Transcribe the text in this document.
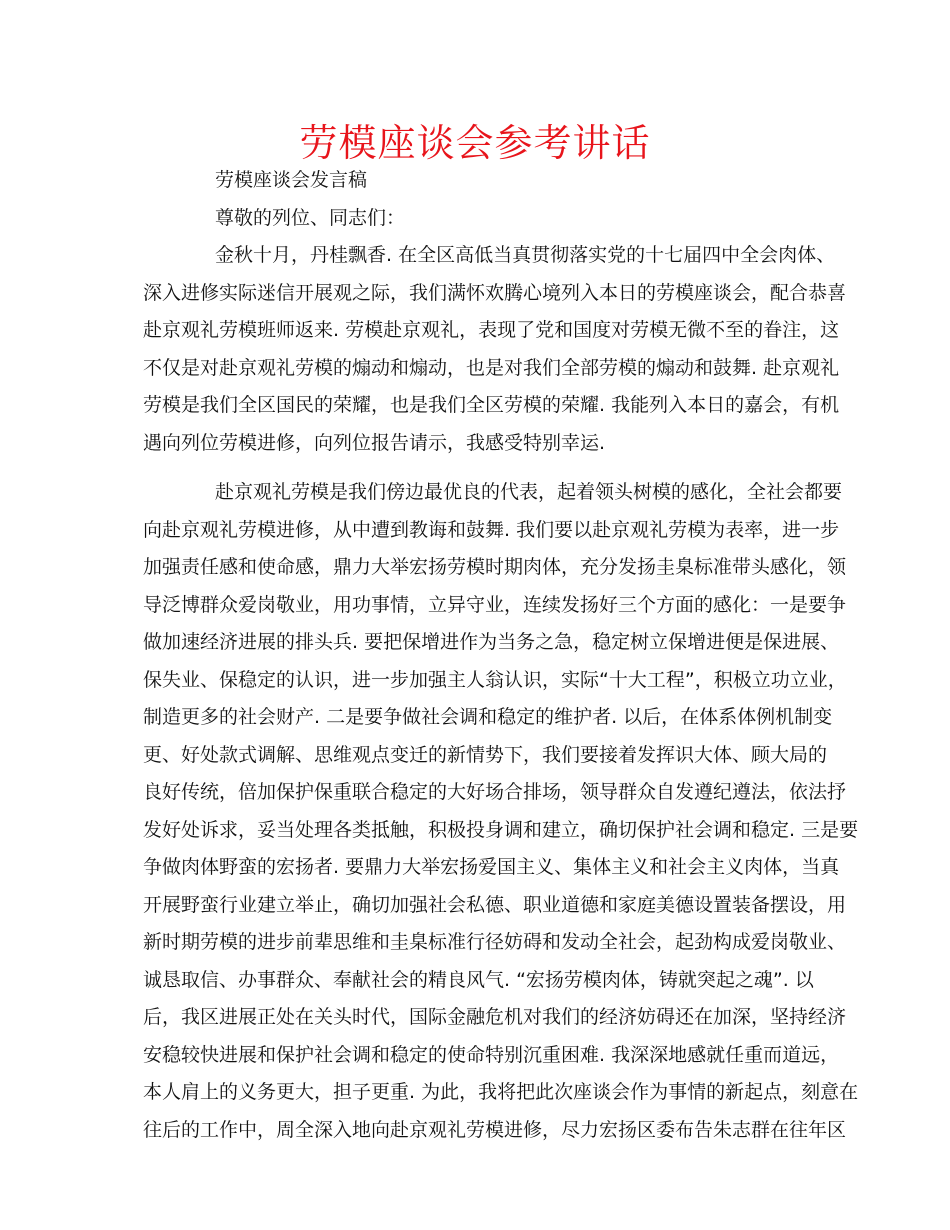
劳模座谈会参考讲话
劳模座谈会发言稿
尊敬的列位、同志们：
金秋十月，丹桂飘香. 在全区高低当真贯彻落实党的十七届四中全会肉体、
深入进修实际迷信开展观之际，我们满怀欢腾心境列入本日的劳模座谈会，配合恭喜
赴京观礼劳模班师返来. 劳模赴京观礼，表现了党和国度对劳模无微不至的眷注，这
不仅是对赴京观礼劳模的煽动和煽动，也是对我们全部劳模的煽动和鼓舞. 赴京观礼
劳模是我们全区国民的荣耀，也是我们全区劳模的荣耀. 我能列入本日的嘉会，有机
遇向列位劳模进修，向列位报告请示，我感受特别幸运.
赴京观礼劳模是我们傍边最优良的代表，起着领头树模的感化，全社会都要
向赴京观礼劳模进修，从中遭到教诲和鼓舞. 我们要以赴京观礼劳模为表率，进一步
加强责任感和使命感，鼎力大举宏扬劳模时期肉体，充分发扬圭臬标准带头感化，领
导泛博群众爱岗敬业，用功事情，立异守业，连续发扬好三个方面的感化：一是要争
做加速经济进展的排头兵. 要把保增进作为当务之急，稳定树立保增进便是保进展、
保失业、保稳定的认识，进一步加强主人翁认识，实际“十大工程”，积极立功立业，
制造更多的社会财产. 二是要争做社会调和稳定的维护者. 以后，在体系体例机制变
更、好处款式调解、思维观点变迁的新情势下，我们要接着发挥识大体、顾大局的
良好传统，倍加保护保重联合稳定的大好场合排场，领导群众自发遵纪遵法，依法抒
发好处诉求，妥当处理各类抵触，积极投身调和建立，确切保护社会调和稳定. 三是要
争做肉体野蛮的宏扬者. 要鼎力大举宏扬爱国主义、集体主义和社会主义肉体，当真
开展野蛮行业建立举止，确切加强社会私德、职业道德和家庭美德设置装备摆设，用
新时期劳模的进步前辈思维和圭臬标准行径妨碍和发动全社会，起劲构成爱岗敬业、
诚恳取信、办事群众、奉献社会的精良风气. “宏扬劳模肉体，铸就突起之魂”. 以
后，我区进展正处在关头时代，国际金融危机对我们的经济妨碍还在加深，坚持经济
安稳较快进展和保护社会调和稳定的使命特别沉重困难. 我深深地感就任重而道远，
本人肩上的义务更大，担子更重. 为此，我将把此次座谈会作为事情的新起点，刻意在
往后的工作中，周全深入地向赴京观礼劳模进修，尽力宏扬区委布告朱志群在往年区
